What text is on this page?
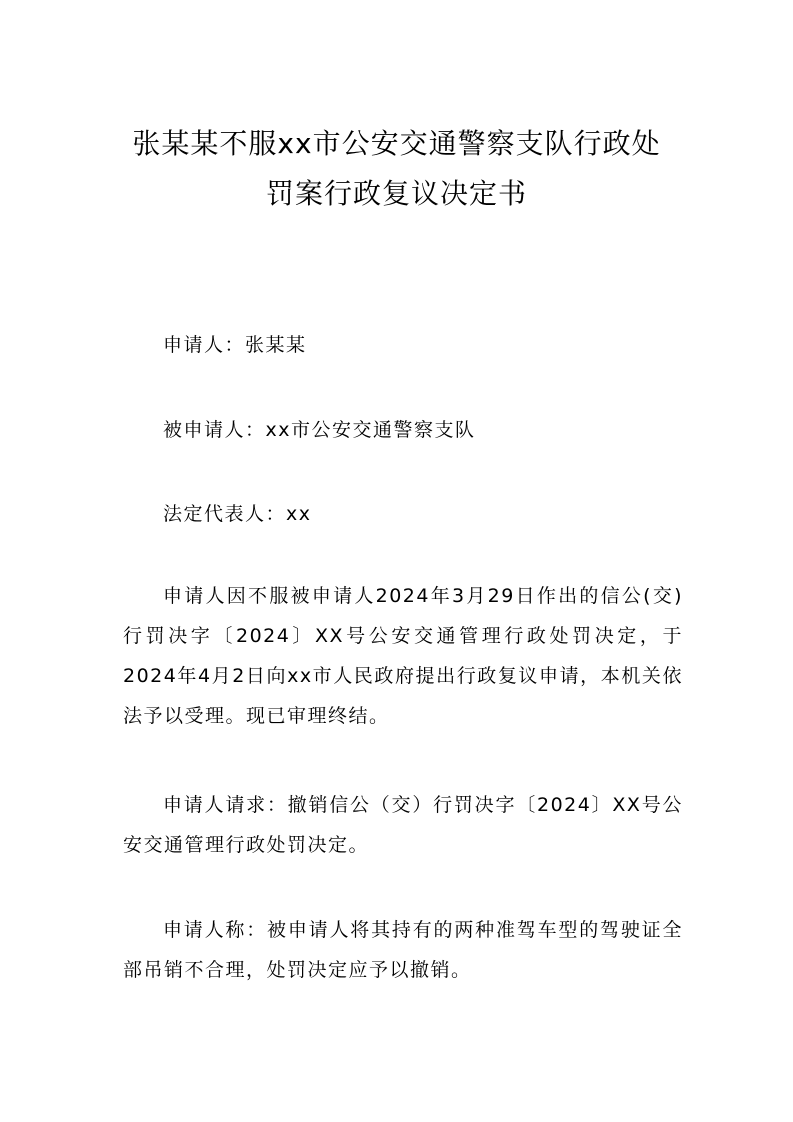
张某某不服xx市公安交通警察支队行政处
罚案行政复议决定书

申请人：张某某

被申请人：xx市公安交通警察支队

法定代表人：xx

申请人因不服被申请人2024年3月29日作出的信公(交)行罚决字〔2024〕XX号公安交通管理行政处罚决定，于2024年4月2日向xx市人民政府提出行政复议申请，本机关依法予以受理。现已审理终结。

申请人请求：撤销信公（交）行罚决字〔2024〕XX号公安交通管理行政处罚决定。

申请人称：被申请人将其持有的两种准驾车型的驾驶证全部吊销不合理，处罚决定应予以撤销。
